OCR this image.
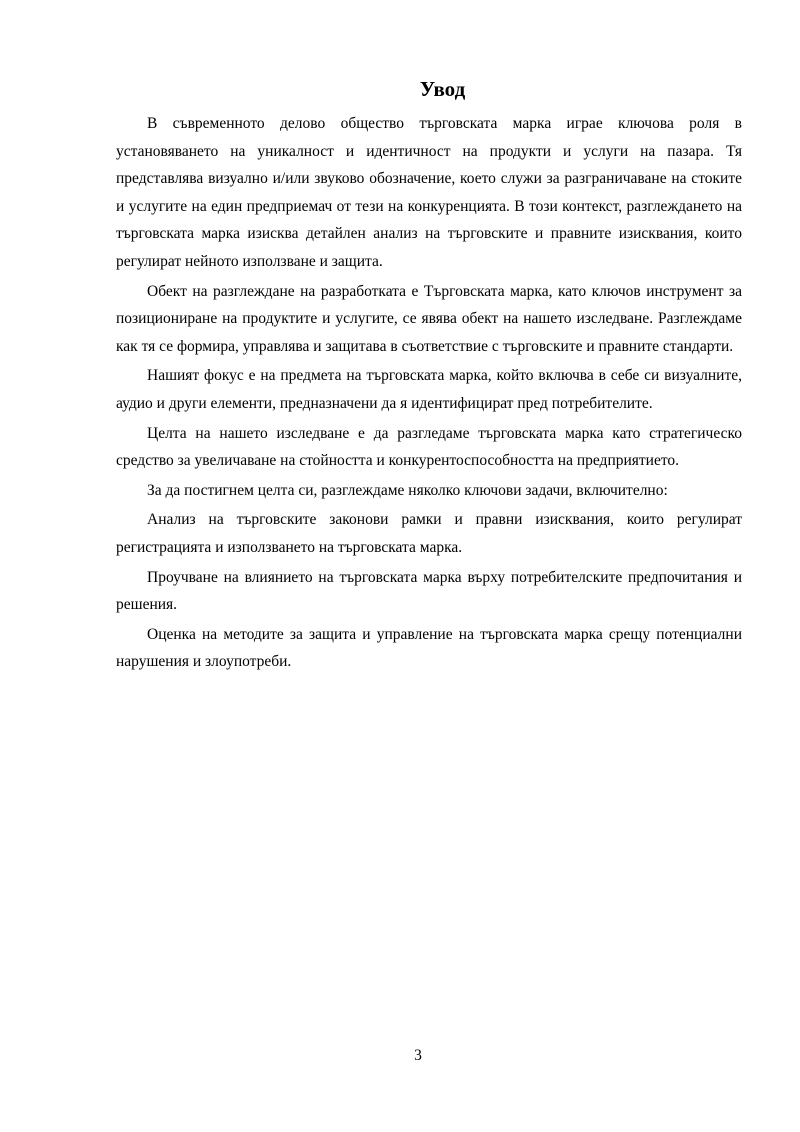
Увод

В съвременното делово общество търговската марка играе ключова роля в установяването на уникалност и идентичност на продукти и услуги на пазара. Тя представлява визуално и/или звуково обозначение, което служи за разграничаване на стоките и услугите на един предприемач от тези на конкуренцията. В този контекст, разглеждането на търговската марка изисква детайлен анализ на търговските и правните изисквания, които регулират нейното използване и защита.

Обект на разглеждане на разработката е Търговската марка, като ключов инструмент за позициониране на продуктите и услугите, се явява обект на нашето изследване. Разглеждаме как тя се формира, управлява и защитава в съответствие с търговските и правните стандарти.

Нашият фокус е на предмета на търговската марка, който включва в себе си визуалните, аудио и други елементи, предназначени да я идентифицират пред потребителите.

Целта на нашето изследване е да разгледаме търговската марка като стратегическо средство за увеличаване на стойността и конкурентоспособността на предприятието.

За да постигнем целта си, разглеждаме няколко ключови задачи, включително:

Анализ на търговските законови рамки и правни изисквания, които регулират регистрацията и използването на търговската марка.

Проучване на влиянието на търговската марка върху потребителските предпочитания и решения.

Оценка на методите за защита и управление на търговската марка срещу потенциални нарушения и злоупотреби.

3
